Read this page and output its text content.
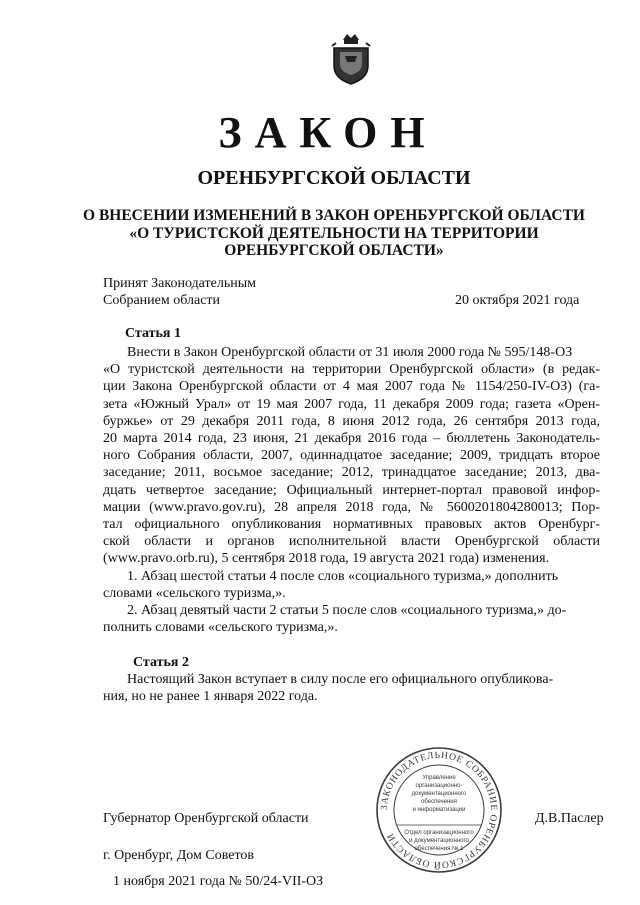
ЗАКОН
ОРЕНБУРГСКОЙ ОБЛАСТИ
О ВНЕСЕНИИ ИЗМЕНЕНИЙ В ЗАКОН ОРЕНБУРГСКОЙ ОБЛАСТИ
«О ТУРИСТСКОЙ ДЕЯТЕЛЬНОСТИ НА ТЕРРИТОРИИ
ОРЕНБУРГСКОЙ ОБЛАСТИ»
Принят Законодательным
Собранием области	20 октября 2021 года
Статья 1
Внести в Закон Оренбургской области от 31 июля 2000 года № 595/148-ОЗ
«О туристской деятельности на территории Оренбургской области» (в редак-
ции Закона Оренбургской области от 4 мая 2007 года № 1154/250-IV-ОЗ) (га-
зета «Южный Урал» от 19 мая 2007 года, 11 декабря 2009 года; газета «Орен-
буржье» от 29 декабря 2011 года, 8 июня 2012 года, 26 сентября 2013 года,
20 марта 2014 года, 23 июня, 21 декабря 2016 года – бюллетень Законодатель-
ного Собрания области, 2007, одиннадцатое заседание; 2009, тридцать второе
заседание; 2011, восьмое заседание; 2012, тринадцатое заседание; 2013, два-
дцать четвертое заседание; Официальный интернет-портал правовой инфор-
мации (www.pravo.gov.ru), 28 апреля 2018 года, № 5600201804280013; Пор-
тал официального опубликования нормативных правовых актов Оренбург-
ской области и органов исполнительной власти Оренбургской области
(www.pravo.orb.ru), 5 сентября 2018 года, 19 августа 2021 года) изменения.
1. Абзац шестой статьи 4 после слов «социального туризма,» дополнить
словами «сельского туризма,».
2. Абзац девятый части 2 статьи 5 после слов «социального туризма,» до-
полнить словами «сельского туризма,».
Статья 2
Настоящий Закон вступает в силу после его официального опубликова-
ния, но не ранее 1 января 2022 года.
ЗАКОНОДАТЕЛЬНОЕ СОБРАНИЕ ОРЕНБУРГСКОЙ ОБЛАСТИ
Управление
организационно-
документационного
обеспечения
и информатизации
Отдел организационного
и документационного
обеспечения № 1
Губернатор Оренбургской области	Д.В.Паслер
г. Оренбург, Дом Советов
1 ноября 2021 года № 50/24-VII-ОЗ
